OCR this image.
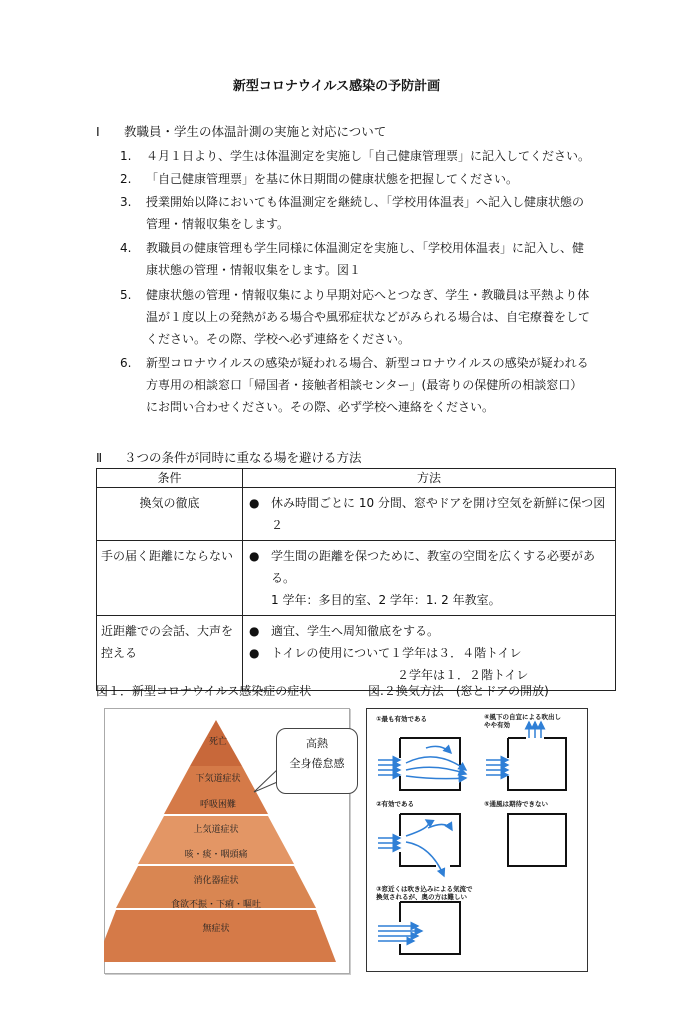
新型コロナウイルス感染の予防計画
Ⅰ 教職員・学生の体温計測の実施と対応について
1. ４月１日より、学生は体温測定を実施し「自己健康管理票」に記入してください。
2. 「自己健康管理票」を基に休日期間の健康状態を把握してください。
3. 授業開始以降においても体温測定を継続し、「学校用体温表」へ記入し健康状態の管理・情報収集をします。
4. 教職員の健康管理も学生同様に体温測定を実施し、「学校用体温表」に記入し、健康状態の管理・情報収集をします。図１
5. 健康状態の管理・情報収集により早期対応へとつなぎ、学生・教職員は平熱より体温が１度以上の発熱がある場合や風邪症状などがみられる場合は、自宅療養をしてください。その際、学校へ必ず連絡をください。
6. 新型コロナウイルスの感染が疑われる場合、新型コロナウイルスの感染が疑われる方専用の相談窓口「帰国者・接触者相談センター」(最寄りの保健所の相談窓口）にお問い合わせください。その際、必ず学校へ連絡をください。
Ⅱ ３つの条件が同時に重なる場を避ける方法
条件	方法
換気の徹底	● 休み時間ごとに 10 分間、窓やドアを開け空気を新鮮に保つ図２

手の届く距離にならない	● 学生間の距離を保つために、教室の空間を広くする必要がある。
1 学年：多目的室、2 学年：1. 2 年教室。

近距離での会話、大声を控える	● 適宜、学生へ周知徹底をする。
● トイレの使用について１学年は３．４階トイレ
２学年は１．２階トイレ
図１．新型コロナウイルス感染症の症状	図.２換気方法　(窓とドアの開放)
死亡
下気道症状
呼吸困難
上気道症状
咳・痰・咽頭痛
消化器症状
食欲不振・下痢・嘔吐
無症状
高熱
全身倦怠感
①最も有効である	④風下の自宜による吹出し
やや有効
②有効である	⑤通風は期待できない
③窓近くは吹き込みによる気流で
換気されるが、奥の方は難しい
